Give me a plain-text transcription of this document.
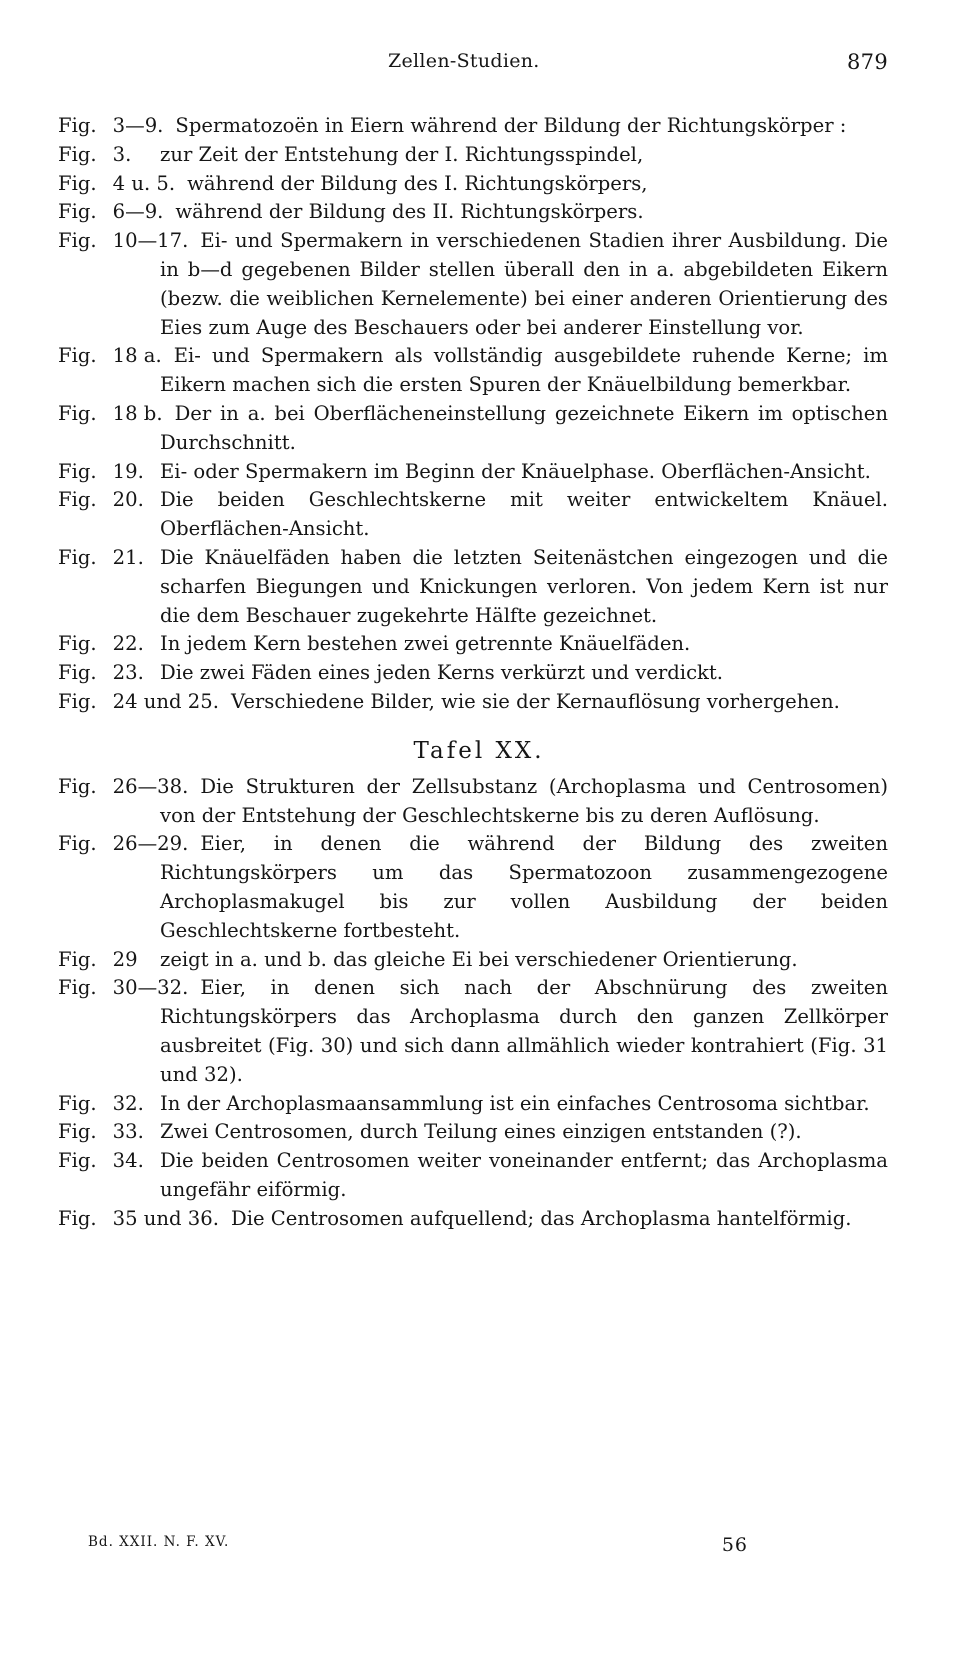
Zellen-Studien.	879

Fig. 3—9. Spermatozoën in Eiern während der Bildung der Richtungskörper :

Fig. 3. zur Zeit der Entstehung der I. Richtungsspindel,

Fig. 4 u. 5. während der Bildung des I. Richtungskörpers,

Fig. 6—9. während der Bildung des II. Richtungskörpers.

Fig. 10—17. Ei- und Spermakern in verschiedenen Stadien ihrer Ausbildung. Die in b—d gegebenen Bilder stellen überall den in a. abgebildeten Eikern (bezw. die weiblichen Kernelemente) bei einer anderen Orientierung des Eies zum Auge des Beschauers oder bei anderer Einstellung vor.

Fig. 18 a. Ei- und Spermakern als vollständig ausgebildete ruhende Kerne; im Eikern machen sich die ersten Spuren der Knäuelbildung bemerkbar.

Fig. 18 b. Der in a. bei Oberflächeneinstellung gezeichnete Eikern im optischen Durchschnitt.

Fig. 19. Ei- oder Spermakern im Beginn der Knäuelphase. Oberflächen-Ansicht.

Fig. 20. Die beiden Geschlechtskerne mit weiter entwickeltem Knäuel. Oberflächen-Ansicht.

Fig. 21. Die Knäuelfäden haben die letzten Seitenästchen eingezogen und die scharfen Biegungen und Knickungen verloren. Von jedem Kern ist nur die dem Beschauer zugekehrte Hälfte gezeichnet.

Fig. 22. In jedem Kern bestehen zwei getrennte Knäuelfäden.

Fig. 23. Die zwei Fäden eines jeden Kerns verkürzt und verdickt.

Fig. 24 und 25. Verschiedene Bilder, wie sie der Kernauflösung vorhergehen.

Tafel XX.

Fig. 26—38. Die Strukturen der Zellsubstanz (Archoplasma und Centrosomen) von der Entstehung der Geschlechtskerne bis zu deren Auflösung.

Fig. 26—29. Eier, in denen die während der Bildung des zweiten Richtungskörpers um das Spermatozoon zusammengezogene Archoplasmakugel bis zur vollen Ausbildung der beiden Geschlechtskerne fortbesteht.

Fig. 29 zeigt in a. und b. das gleiche Ei bei verschiedener Orientierung.

Fig. 30—32. Eier, in denen sich nach der Abschnürung des zweiten Richtungskörpers das Archoplasma durch den ganzen Zellkörper ausbreitet (Fig. 30) und sich dann allmählich wieder kontrahiert (Fig. 31 und 32).

Fig. 32. In der Archoplasmaansammlung ist ein einfaches Centrosoma sichtbar.

Fig. 33. Zwei Centrosomen, durch Teilung eines einzigen entstanden (?).

Fig. 34. Die beiden Centrosomen weiter voneinander entfernt; das Archoplasma ungefähr eiförmig.

Fig. 35 und 36. Die Centrosomen aufquellend; das Archoplasma hantelförmig.

Bd. XXII. N. F. XV.	56
